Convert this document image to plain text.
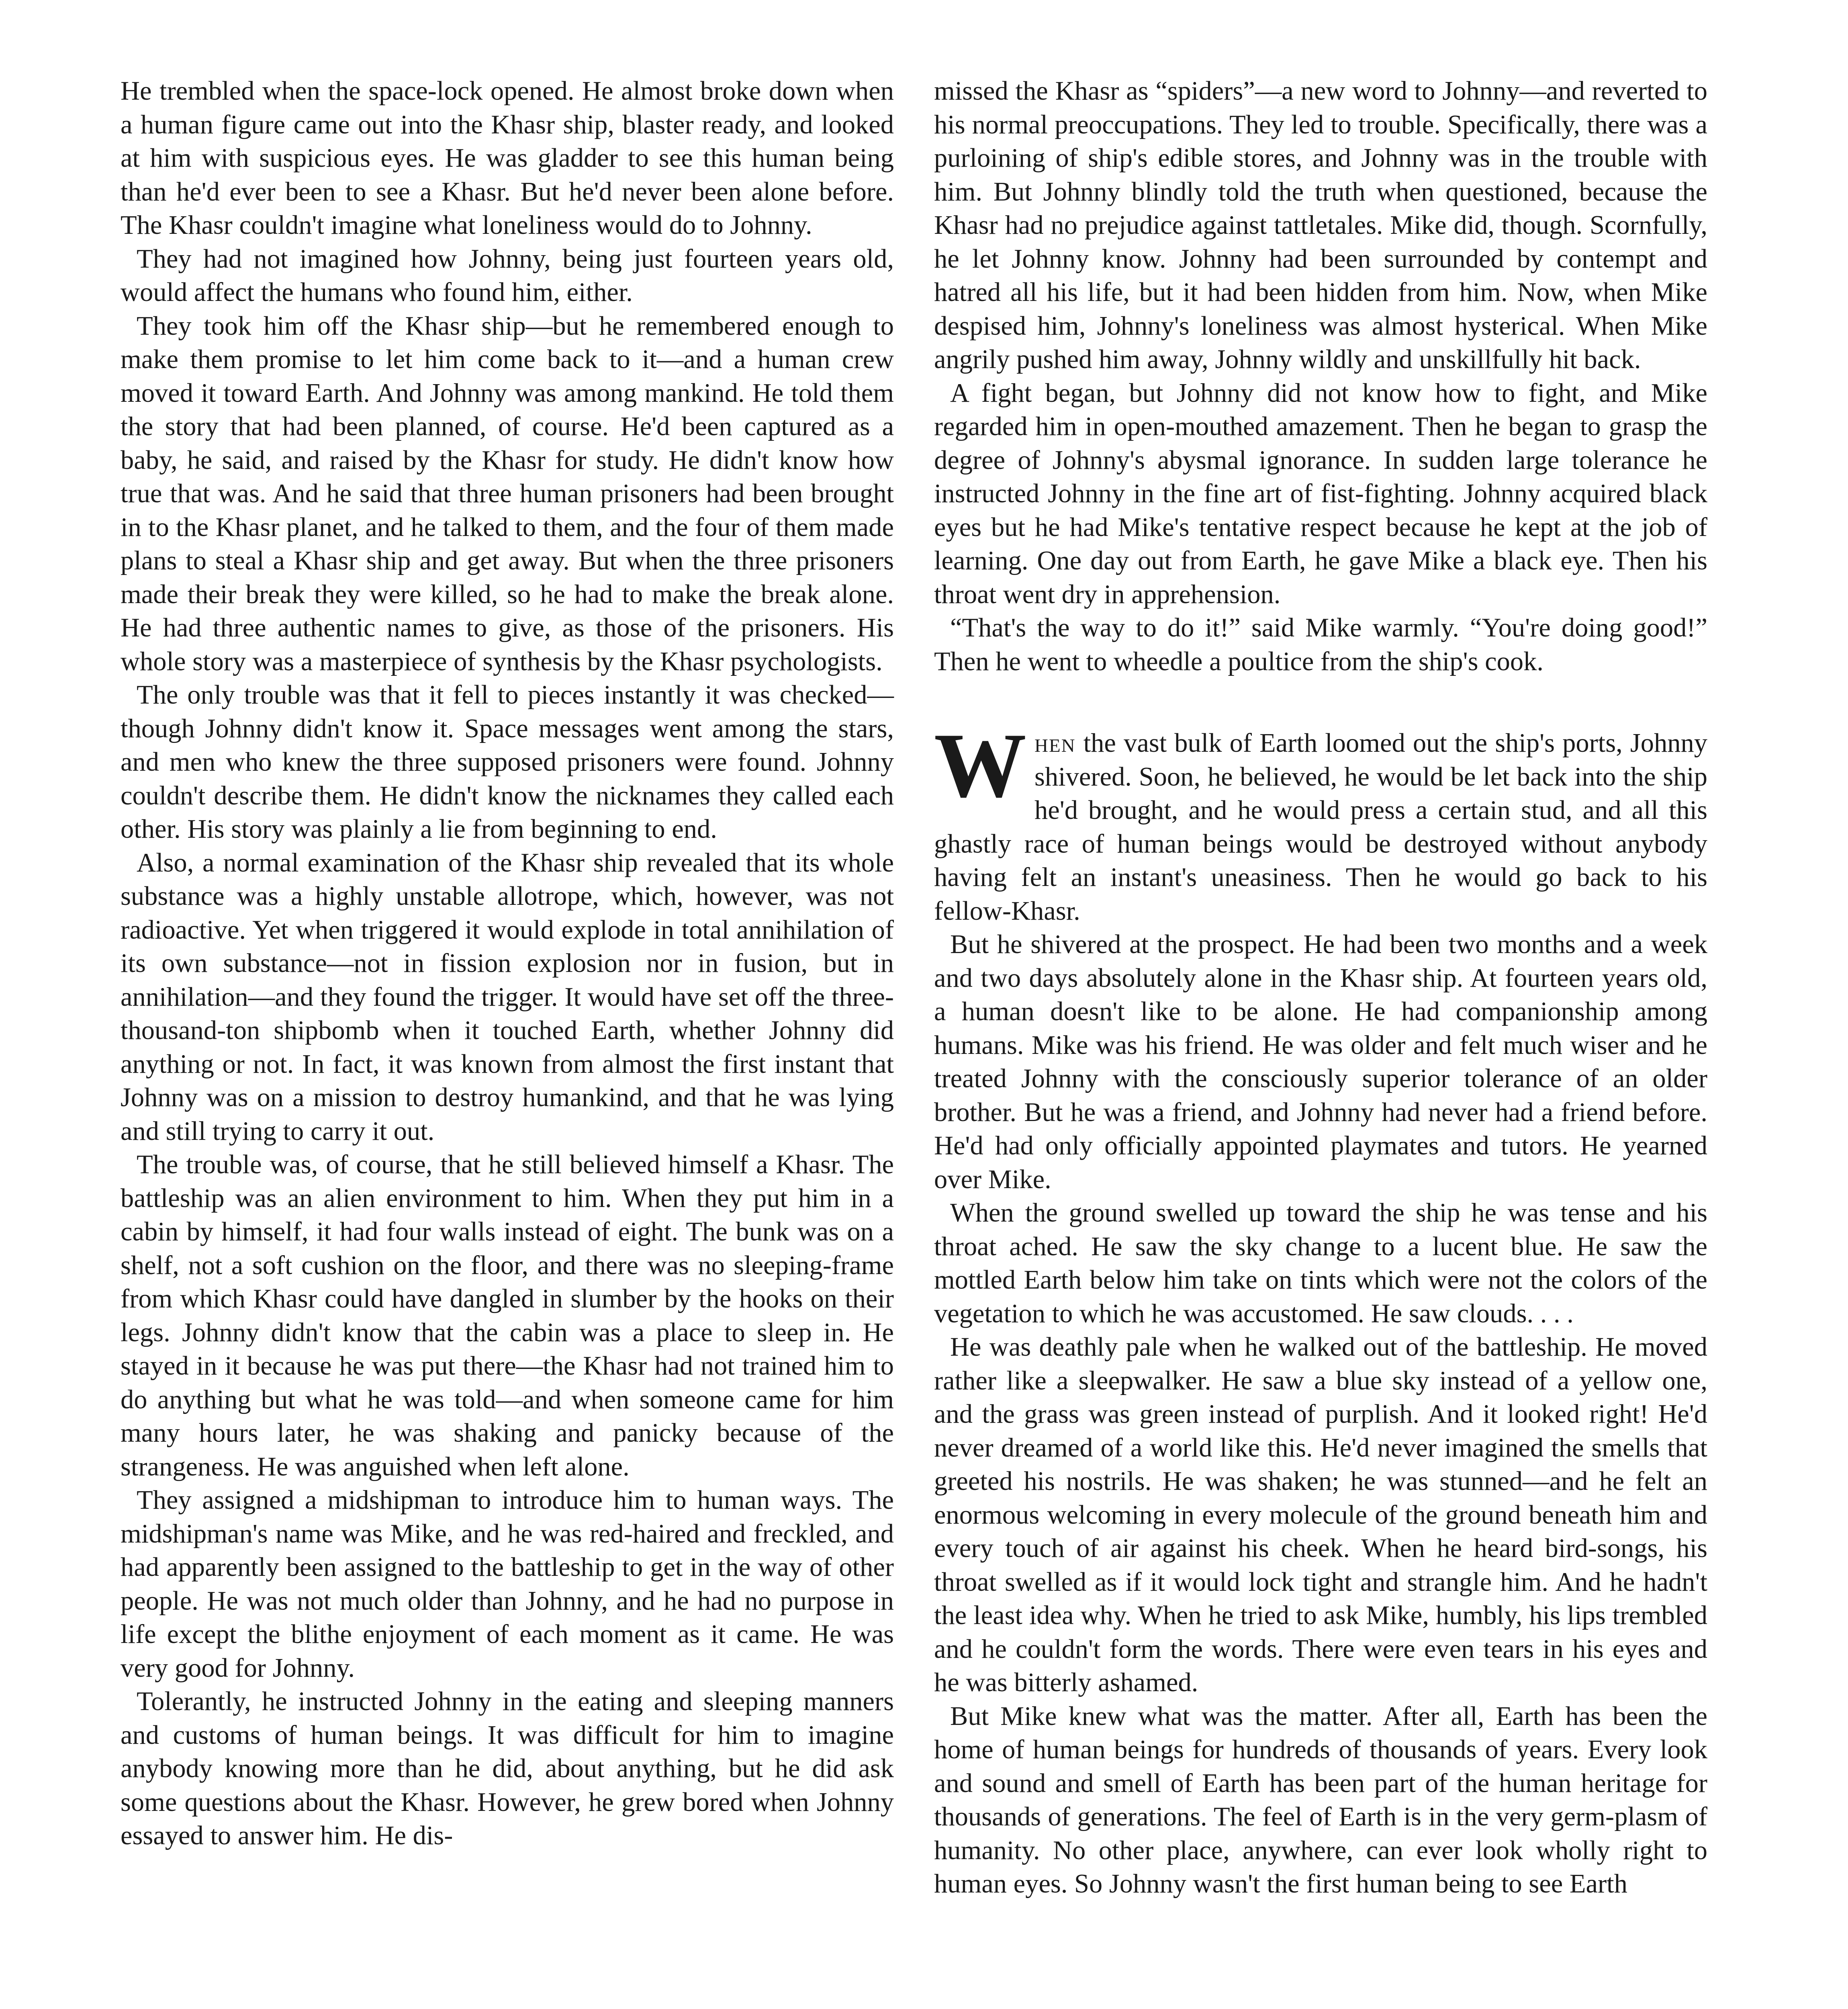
He trembled when the space-lock opened. He almost broke down when a human figure came out into the Khasr ship, blaster ready, and looked at him with suspicious eyes. He was gladder to see this human being than he'd ever been to see a Khasr. But he'd never been alone before. The Khasr couldn't imagine what loneliness would do to Johnny.

They had not imagined how Johnny, being just fourteen years old, would affect the humans who found him, either.

They took him off the Khasr ship—but he remembered enough to make them promise to let him come back to it—and a human crew moved it toward Earth. And Johnny was among mankind. He told them the story that had been planned, of course. He'd been captured as a baby, he said, and raised by the Khasr for study. He didn't know how true that was. And he said that three human prisoners had been brought in to the Khasr planet, and he talked to them, and the four of them made plans to steal a Khasr ship and get away. But when the three prisoners made their break they were killed, so he had to make the break alone. He had three authentic names to give, as those of the prisoners. His whole story was a masterpiece of synthesis by the Khasr psychologists.

The only trouble was that it fell to pieces instantly it was checked—though Johnny didn't know it. Space messages went among the stars, and men who knew the three supposed prisoners were found. Johnny couldn't describe them. He didn't know the nicknames they called each other. His story was plainly a lie from beginning to end.

Also, a normal examination of the Khasr ship revealed that its whole substance was a highly unstable allotrope, which, however, was not radioactive. Yet when triggered it would explode in total annihilation of its own substance—not in fission explosion nor in fusion, but in annihilation—and they found the trigger. It would have set off the three-thousand-ton shipbomb when it touched Earth, whether Johnny did anything or not. In fact, it was known from almost the first instant that Johnny was on a mission to destroy humankind, and that he was lying and still trying to carry it out.

The trouble was, of course, that he still believed himself a Khasr. The battleship was an alien environment to him. When they put him in a cabin by himself, it had four walls instead of eight. The bunk was on a shelf, not a soft cushion on the floor, and there was no sleeping-frame from which Khasr could have dangled in slumber by the hooks on their legs. Johnny didn't know that the cabin was a place to sleep in. He stayed in it because he was put there—the Khasr had not trained him to do anything but what he was told—and when someone came for him many hours later, he was shaking and panicky because of the strangeness. He was anguished when left alone.

They assigned a midshipman to introduce him to human ways. The midshipman's name was Mike, and he was red-haired and freckled, and had apparently been assigned to the battleship to get in the way of other people. He was not much older than Johnny, and he had no purpose in life except the blithe enjoyment of each moment as it came. He was very good for Johnny.

Tolerantly, he instructed Johnny in the eating and sleeping manners and customs of human beings. It was difficult for him to imagine anybody knowing more than he did, about anything, but he did ask some questions about the Khasr. However, he grew bored when Johnny essayed to answer him. He dis-

missed the Khasr as “spiders”—a new word to Johnny—and reverted to his normal preoccupations. They led to trouble. Specifically, there was a purloining of ship's edible stores, and Johnny was in the trouble with him. But Johnny blindly told the truth when questioned, because the Khasr had no prejudice against tattletales. Mike did, though. Scornfully, he let Johnny know. Johnny had been surrounded by contempt and hatred all his life, but it had been hidden from him. Now, when Mike despised him, Johnny's loneliness was almost hysterical. When Mike angrily pushed him away, Johnny wildly and unskillfully hit back.

A fight began, but Johnny did not know how to fight, and Mike regarded him in open-mouthed amazement. Then he began to grasp the degree of Johnny's abysmal ignorance. In sudden large tolerance he instructed Johnny in the fine art of fist-fighting. Johnny acquired black eyes but he had Mike's tentative respect because he kept at the job of learning. One day out from Earth, he gave Mike a black eye. Then his throat went dry in apprehension.

“That's the way to do it!” said Mike warmly. “You're doing good!” Then he went to wheedle a poultice from the ship's cook.

When the vast bulk of Earth loomed out the ship's ports, Johnny shivered. Soon, he believed, he would be let back into the ship he'd brought, and he would press a certain stud, and all this ghastly race of human beings would be destroyed without anybody having felt an instant's uneasiness. Then he would go back to his fellow-Khasr.

But he shivered at the prospect. He had been two months and a week and two days absolutely alone in the Khasr ship. At fourteen years old, a human doesn't like to be alone. He had companionship among humans. Mike was his friend. He was older and felt much wiser and he treated Johnny with the consciously superior tolerance of an older brother. But he was a friend, and Johnny had never had a friend before. He'd had only officially appointed playmates and tutors. He yearned over Mike.

When the ground swelled up toward the ship he was tense and his throat ached. He saw the sky change to a lucent blue. He saw the mottled Earth below him take on tints which were not the colors of the vegetation to which he was accustomed. He saw clouds. . . .

He was deathly pale when he walked out of the battleship. He moved rather like a sleepwalker. He saw a blue sky instead of a yellow one, and the grass was green instead of purplish. And it looked right! He'd never dreamed of a world like this. He'd never imagined the smells that greeted his nostrils. He was shaken; he was stunned—and he felt an enormous welcoming in every molecule of the ground beneath him and every touch of air against his cheek. When he heard bird-songs, his throat swelled as if it would lock tight and strangle him. And he hadn't the least idea why. When he tried to ask Mike, humbly, his lips trembled and he couldn't form the words. There were even tears in his eyes and he was bitterly ashamed.

But Mike knew what was the matter. After all, Earth has been the home of human beings for hundreds of thousands of years. Every look and sound and smell of Earth has been part of the human heritage for thousands of generations. The feel of Earth is in the very germ-plasm of humanity. No other place, anywhere, can ever look wholly right to human eyes. So Johnny wasn't the first human being to see Earth
